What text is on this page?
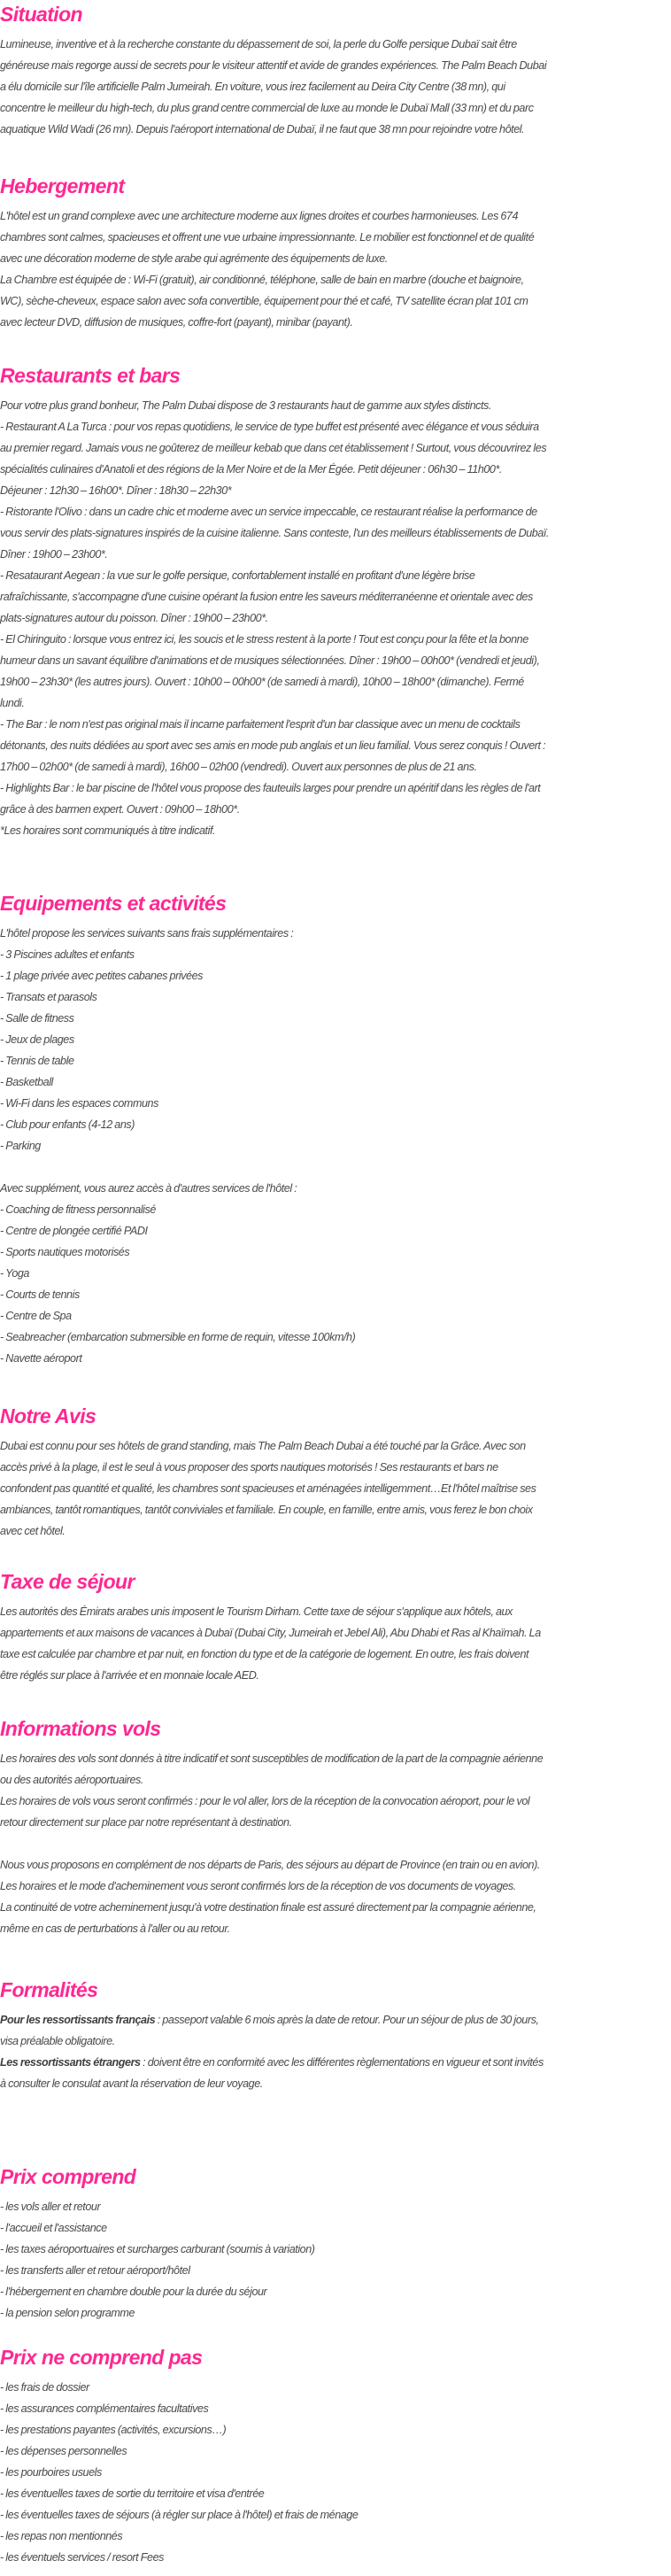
Situation
Lumineuse, inventive et à la recherche constante du dépassement de soi, la perle du Golfe persique Dubaï sait être
généreuse mais regorge aussi de secrets pour le visiteur attentif et avide de grandes expériences. The Palm Beach Dubai
a élu domicile sur l'île artificielle Palm Jumeirah. En voiture, vous irez facilement au Deira City Centre (38 mn), qui
concentre le meilleur du high-tech, du plus grand centre commercial de luxe au monde le Dubaï Mall (33 mn) et du parc
aquatique Wild Wadi (26 mn). Depuis l'aéroport international de Dubaï, il ne faut que 38 mn pour rejoindre votre hôtel.
Hebergement
L'hôtel est un grand complexe avec une architecture moderne aux lignes droites et courbes harmonieuses. Les 674
chambres sont calmes, spacieuses et offrent une vue urbaine impressionnante. Le mobilier est fonctionnel et de qualité
avec une décoration moderne de style arabe qui agrémente des équipements de luxe.
La Chambre est équipée de : Wi-Fi (gratuit), air conditionné, téléphone, salle de bain en marbre (douche et baignoire,
WC), sèche-cheveux, espace salon avec sofa convertible, équipement pour thé et café, TV satellite écran plat 101 cm
avec lecteur DVD, diffusion de musiques, coffre-fort (payant), minibar (payant).
Restaurants et bars
Pour votre plus grand bonheur, The Palm Dubai dispose de 3 restaurants haut de gamme aux styles distincts.
- Restaurant A La Turca : pour vos repas quotidiens, le service de type buffet est présenté avec élégance et vous séduira
au premier regard. Jamais vous ne goûterez de meilleur kebab que dans cet établissement ! Surtout, vous découvrirez les
spécialités culinaires d'Anatoli et des régions de la Mer Noire et de la Mer Égée. Petit déjeuner : 06h30 – 11h00*.
Déjeuner : 12h30 – 16h00*. Dîner : 18h30 – 22h30*
- Ristorante l'Olivo : dans un cadre chic et moderne avec un service impeccable, ce restaurant réalise la performance de
vous servir des plats-signatures inspirés de la cuisine italienne. Sans conteste, l'un des meilleurs établissements de Dubaï.
Dîner : 19h00 – 23h00*.
- Resataurant Aegean : la vue sur le golfe persique, confortablement installé en profitant d'une légère brise
rafraîchissante, s'accompagne d'une cuisine opérant la fusion entre les saveurs méditerranéenne et orientale avec des
plats-signatures autour du poisson. Dîner : 19h00 – 23h00*.
- El Chiringuito : lorsque vous entrez ici, les soucis et le stress restent à la porte ! Tout est conçu pour la fête et la bonne
humeur dans un savant équilibre d'animations et de musiques sélectionnées. Dîner : 19h00 – 00h00* (vendredi et jeudi),
19h00 – 23h30* (les autres jours). Ouvert : 10h00 – 00h00* (de samedi à mardi), 10h00 – 18h00* (dimanche). Fermé
lundi.
- The Bar : le nom n'est pas original mais il incarne parfaitement l'esprit d'un bar classique avec un menu de cocktails
détonants, des nuits dédiées au sport avec ses amis en mode pub anglais et un lieu familial. Vous serez conquis ! Ouvert :
17h00 – 02h00* (de samedi à mardi), 16h00 – 02h00 (vendredi). Ouvert aux personnes de plus de 21 ans.
- Highlights Bar : le bar piscine de l'hôtel vous propose des fauteuils larges pour prendre un apéritif dans les règles de l'art
grâce à des barmen expert. Ouvert : 09h00 – 18h00*.
*Les horaires sont communiqués à titre indicatif.
Equipements et activités
L'hôtel propose les services suivants sans frais supplémentaires :
- 3 Piscines adultes et enfants
- 1 plage privée avec petites cabanes privées
- Transats et parasols
- Salle de fitness
- Jeux de plages
- Tennis de table
- Basketball
- Wi-Fi dans les espaces communs
- Club pour enfants (4-12 ans)
- Parking
Avec supplément, vous aurez accès à d'autres services de l'hôtel :
- Coaching de fitness personnalisé
- Centre de plongée certifié PADI
- Sports nautiques motorisés
- Yoga
- Courts de tennis
- Centre de Spa
- Seabreacher (embarcation submersible en forme de requin, vitesse 100km/h)
- Navette aéroport
Notre Avis
Dubai est connu pour ses hôtels de grand standing, mais The Palm Beach Dubai a été touché par la Grâce. Avec son
accès privé à la plage, il est le seul à vous proposer des sports nautiques motorisés ! Ses restaurants et bars ne
confondent pas quantité et qualité, les chambres sont spacieuses et aménagées intelligemment…Et l'hôtel maîtrise ses
ambiances, tantôt romantiques, tantôt conviviales et familiale. En couple, en famille, entre amis, vous ferez le bon choix
avec cet hôtel.
Taxe de séjour
Les autorités des Émirats arabes unis imposent le Tourism Dirham. Cette taxe de séjour s'applique aux hôtels, aux
appartements et aux maisons de vacances à Dubaï (Dubai City, Jumeirah et Jebel Ali), Abu Dhabi et Ras al Khaïmah. La
taxe est calculée par chambre et par nuit, en fonction du type et de la catégorie de logement. En outre, les frais doivent
être réglés sur place à l'arrivée et en monnaie locale AED.
Informations vols
Les horaires des vols sont donnés à titre indicatif et sont susceptibles de modification de la part de la compagnie aérienne
ou des autorités aéroportuaires.
Les horaires de vols vous seront confirmés : pour le vol aller, lors de la réception de la convocation aéroport, pour le vol
retour directement sur place par notre représentant à destination.
Nous vous proposons en complément de nos départs de Paris, des séjours au départ de Province (en train ou en avion).
Les horaires et le mode d'acheminement vous seront confirmés lors de la réception de vos documents de voyages.
La continuité de votre acheminement jusqu'à votre destination finale est assuré directement par la compagnie aérienne,
même en cas de perturbations à l'aller ou au retour.
Formalités
Pour les ressortissants français : passeport valable 6 mois après la date de retour. Pour un séjour de plus de 30 jours,
visa préalable obligatoire.
Les ressortissants étrangers : doivent être en conformité avec les différentes règlementations en vigueur et sont invités
à consulter le consulat avant la réservation de leur voyage.
Prix comprend
- les vols aller et retour
- l'accueil et l'assistance
- les taxes aéroportuaires et surcharges carburant (soumis à variation)
- les transferts aller et retour aéroport/hôtel
- l'hébergement en chambre double pour la durée du séjour
- la pension selon programme
Prix ne comprend pas
- les frais de dossier
- les assurances complémentaires facultatives
- les prestations payantes (activités, excursions…)
- les dépenses personnelles
- les pourboires usuels
- les éventuelles taxes de sortie du territoire et visa d'entrée
- les éventuelles taxes de séjours (à régler sur place à l'hôtel) et frais de ménage
- les repas non mentionnés
- les éventuels services / resort Fees
